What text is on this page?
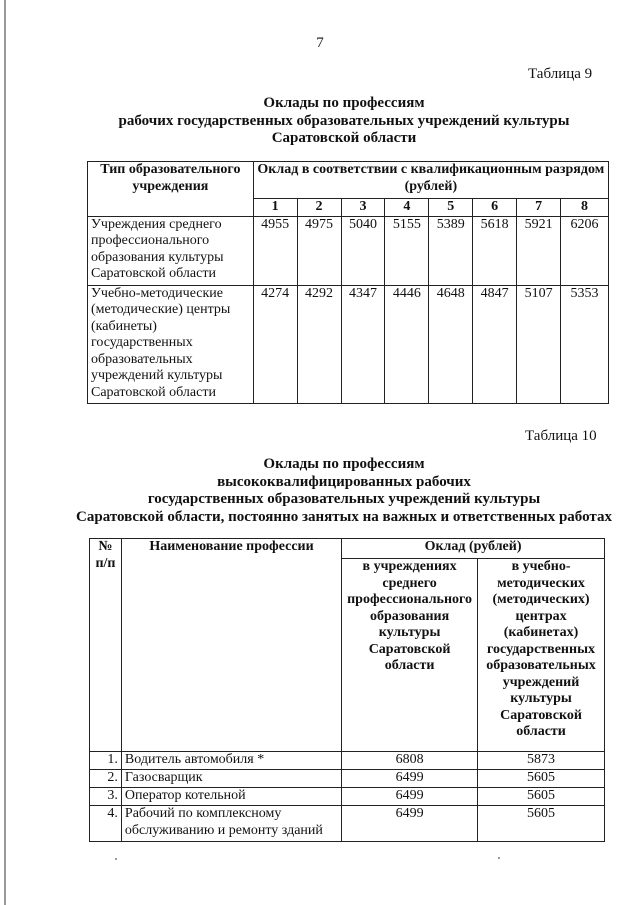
7
Таблица 9
Оклады по профессиям
рабочих государственных образовательных учреждений культуры
Саратовской области
Тип образовательного учреждения	Оклад в соответствии с квалификационным разрядом (рублей)							
	1	2	3	4	5	6	7	8
Учреждения среднего профессионального образования культуры Саратовской области	4955	4975	5040	5155	5389	5618	5921	6206
Учебно-методические (методические) центры (кабинеты) государственных образовательных учреждений культуры Саратовской области	4274	4292	4347	4446	4648	4847	5107	5353
Таблица 10
Оклады по профессиям
высококвалифицированных рабочих
государственных образовательных учреждений культуры
Саратовской области, постоянно занятых на важных и ответственных работах
№ п/п	Наименование профессии	Оклад (рублей)	
		в учреждениях среднего профессионального образования культуры Саратовской области	в учебно-методических (методических) центрах (кабинетах) государственных образовательных учреждений культуры Саратовской области
1.	Водитель автомобиля *	6808	5873
2.	Газосварщик	6499	5605
3.	Оператор котельной	6499	5605
4.	Рабочий по комплексному обслуживанию и ремонту зданий	6499	5605
